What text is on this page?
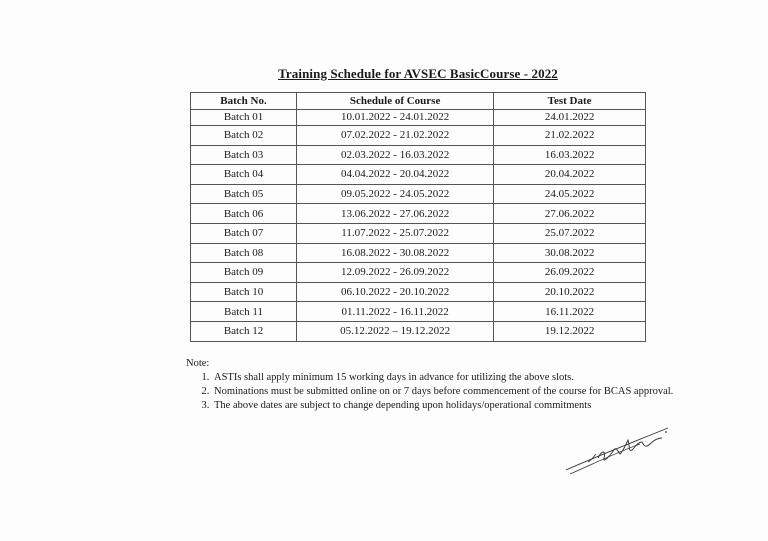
Training Schedule for AVSEC BasicCourse - 2022
Batch No.	Schedule of Course	Test Date
Batch 01	10.01.2022 - 24.01.2022	24.01.2022
Batch 02	07.02.2022 - 21.02.2022	21.02.2022
Batch 03	02.03.2022 - 16.03.2022	16.03.2022
Batch 04	04.04.2022 - 20.04.2022	20.04.2022
Batch 05	09.05.2022 - 24.05.2022	24.05.2022
Batch 06	13.06.2022 - 27.06.2022	27.06.2022
Batch 07	11.07.2022 - 25.07.2022	25.07.2022
Batch 08	16.08.2022 - 30.08.2022	30.08.2022
Batch 09	12.09.2022 - 26.09.2022	26.09.2022
Batch 10	06.10.2022 - 20.10.2022	20.10.2022
Batch 11	01.11.2022 - 16.11.2022	16.11.2022
Batch 12	05.12.2022 – 19.12.2022	19.12.2022
Note:
1. ASTIs shall apply minimum 15 working days in advance for utilizing the above slots.
2. Nominations must be submitted online on or 7 days before commencement of the course for BCAS approval.
3. The above dates are subject to change depending upon holidays/operational commitments
